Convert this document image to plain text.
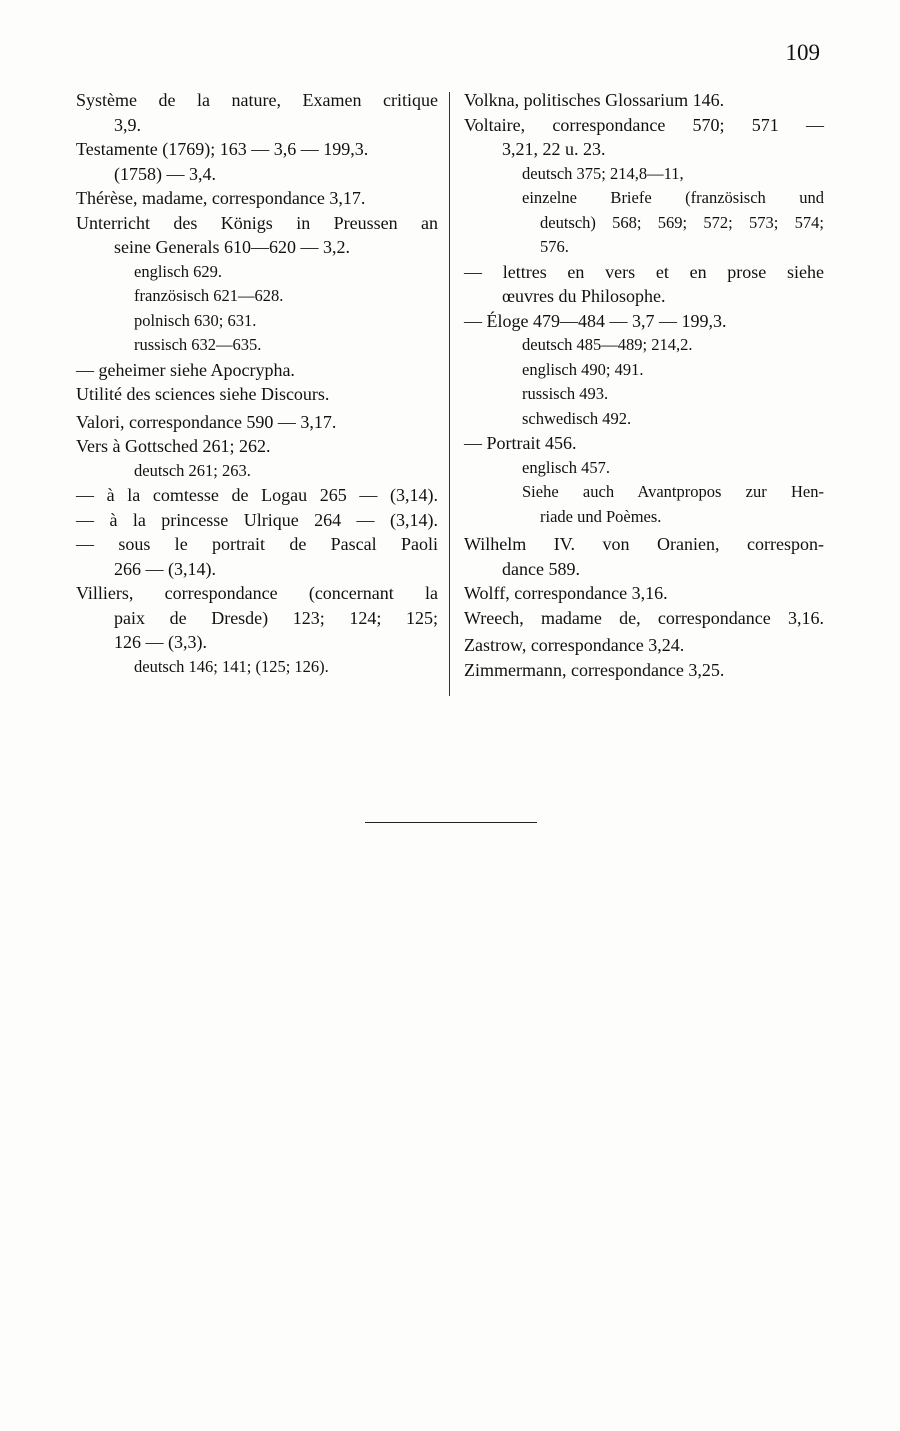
109
Système de la nature, Examen critique
3,9.
Testamente (1769); 163 — 3,6 — 199,3.
(1758) — 3,4.
Thérèse, madame, correspondance 3,17.
Unterricht des Königs in Preussen an
seine Generals 610—620 — 3,2.
englisch 629.
französisch 621—628.
polnisch 630; 631.
russisch 632—635.
— geheimer siehe Apocrypha.
Utilité des sciences siehe Discours.
Valori, correspondance 590 — 3,17.
Vers à Gottsched 261; 262.
deutsch 261; 263.
— à la comtesse de Logau 265 — (3,14).
— à la princesse Ulrique 264 — (3,14).
— sous le portrait de Pascal Paoli
266 — (3,14).
Villiers, correspondance (concernant la
paix de Dresde) 123; 124; 125;
126 — (3,3).
deutsch 146; 141; (125; 126).
Volkna, politisches Glossarium 146.
Voltaire, correspondance 570; 571 —
3,21, 22 u. 23.
deutsch 375; 214,8—11,
einzelne Briefe (französisch und
deutsch) 568; 569; 572; 573; 574;
576.
— lettres en vers et en prose siehe
œuvres du Philosophe.
— Éloge 479—484 — 3,7 — 199,3.
deutsch 485—489; 214,2.
englisch 490; 491.
russisch 493.
schwedisch 492.
— Portrait 456.
englisch 457.
Siehe auch Avantpropos zur Hen-
riade und Poèmes.
Wilhelm IV. von Oranien, correspon-
dance 589.
Wolff, correspondance 3,16.
Wreech, madame de, correspondance 3,16.
Zastrow, correspondance 3,24.
Zimmermann, correspondance 3,25.
